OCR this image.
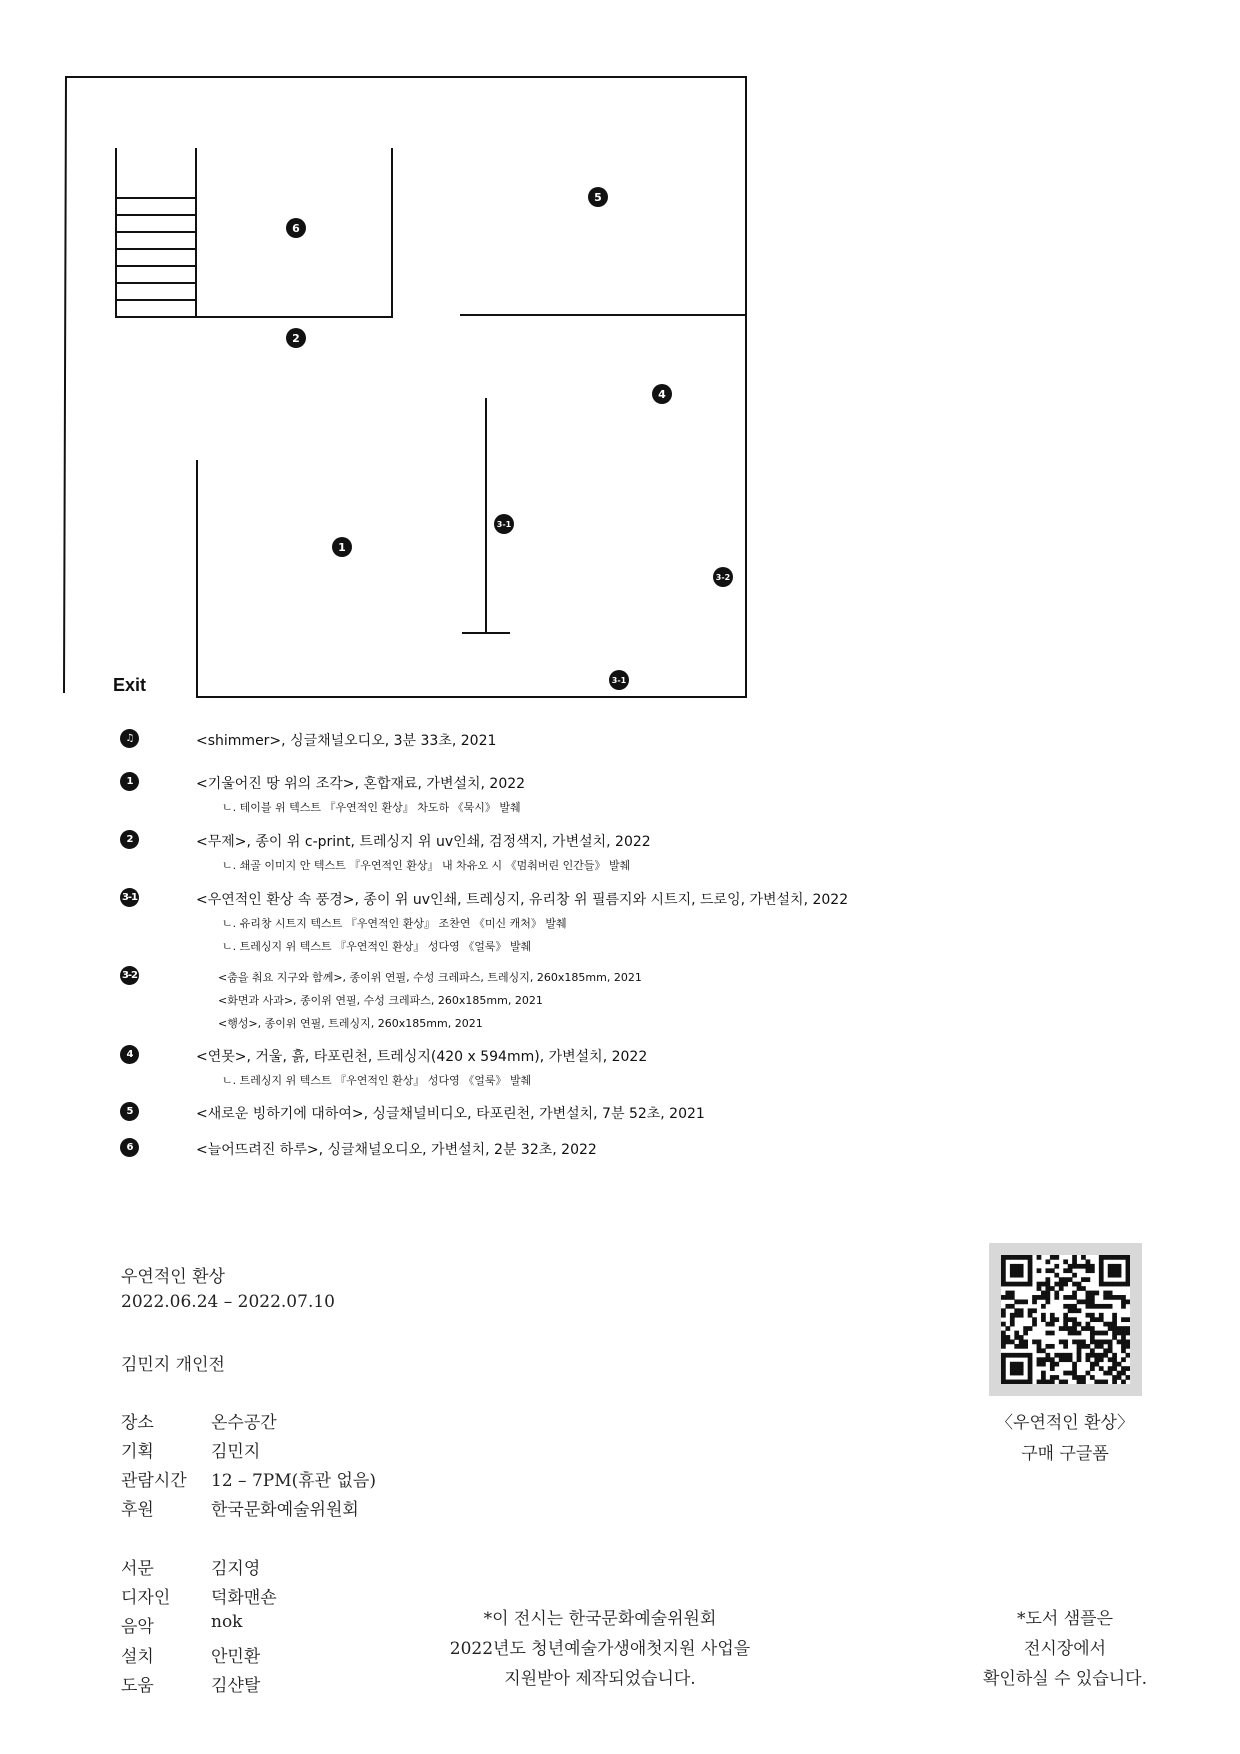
6
5
2
4
1
3-1
3-2
3-1
Exit
♫	<shimmer>, 싱글채널오디오, 3분 33초, 2021
1	<기울어진 땅 위의 조각>, 혼합재료, 가변설치, 2022
ㄴ. 테이블 위 텍스트 『우연적인 환상』 차도하 《묵시》 발췌
2	<무제>, 종이 위 c-print, 트레싱지 위 uv인쇄, 검정색지, 가변설치, 2022
ㄴ. 쇄골 이미지 안 텍스트 『우연적인 환상』 내 차유오 시 《멈춰버린 인간들》 발췌
3-1	<우연적인 환상 속 풍경>, 종이 위 uv인쇄, 트레싱지, 유리창 위 필름지와 시트지, 드로잉, 가변설치, 2022
ㄴ. 유리창 시트지 텍스트 『우연적인 환상』 조찬연 《미신 캐처》 발췌
ㄴ. 트레싱지 위 텍스트 『우연적인 환상』 성다영 《얼룩》 발췌
3-2	<춤을 춰요 지구와 함께>, 종이위 연필, 수성 크레파스, 트레싱지, 260x185mm, 2021
<화면과 사과>, 종이위 연필, 수성 크레파스, 260x185mm, 2021
<행성>, 종이위 연필, 트레싱지, 260x185mm, 2021
4	<연못>, 거울, 흙, 타포린천, 트레싱지(420 x 594mm), 가변설치, 2022
ㄴ. 트레싱지 위 텍스트 『우연적인 환상』 성다영 《얼룩》 발췌
5	<새로운 빙하기에 대하여>, 싱글채널비디오, 타포린천, 가변설치, 7분 52초, 2021
6	<늘어뜨려진 하루>, 싱글채널오디오, 가변설치, 2분 32초, 2022
우연적인 환상
2022.06.24 – 2022.07.10
김민지 개인전
장소	온수공간
기획	김민지
관람시간 12 – 7PM(휴관 없음)
후원	한국문화예술위원회
서문	김지영
디자인 덕화맨숀
음악	nok
설치	안민환
도움	김샨탈
*이 전시는 한국문화예술위원회
2022년도 청년예술가생애첫지원 사업을
지원받아 제작되었습니다.
〈우연적인 환상〉
구매 구글폼
*도서 샘플은
전시장에서
확인하실 수 있습니다.
